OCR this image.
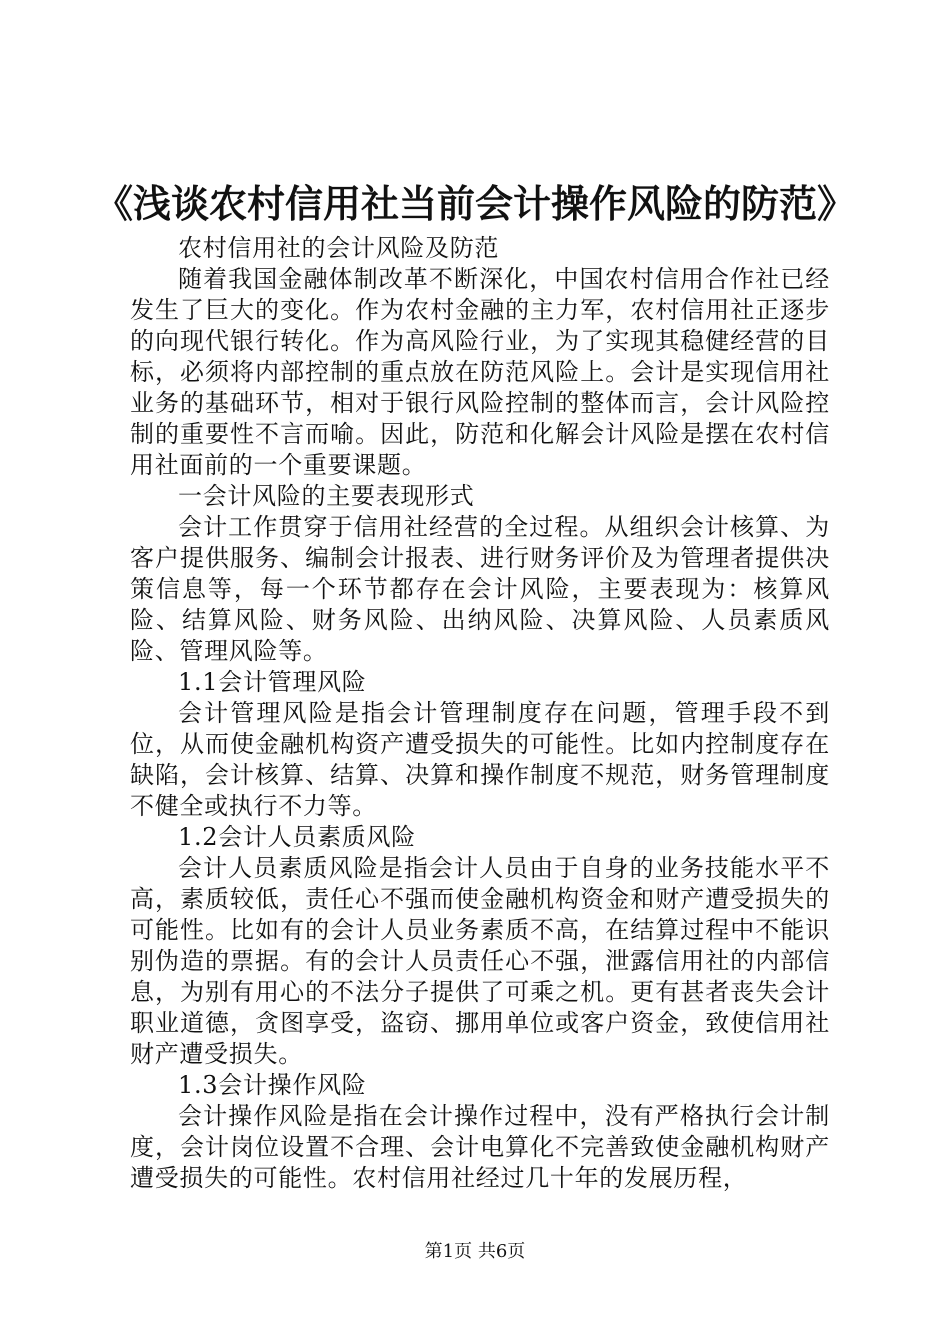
《浅谈农村信用社当前会计操作风险的防范》

农村信用社的会计风险及防范

随着我国金融体制改革不断深化，中国农村信用合作社已经发生了巨大的变化。作为农村金融的主力军，农村信用社正逐步的向现代银行转化。作为高风险行业，为了实现其稳健经营的目标，必须将内部控制的重点放在防范风险上。会计是实现信用社业务的基础环节，相对于银行风险控制的整体而言，会计风险控制的重要性不言而喻。因此，防范和化解会计风险是摆在农村信用社面前的一个重要课题。

一会计风险的主要表现形式

会计工作贯穿于信用社经营的全过程。从组织会计核算、为客户提供服务、编制会计报表、进行财务评价及为管理者提供决策信息等，每一个环节都存在会计风险，主要表现为：核算风险、结算风险、财务风险、出纳风险、决算风险、人员素质风险、管理风险等。

1.1会计管理风险

会计管理风险是指会计管理制度存在问题，管理手段不到位，从而使金融机构资产遭受损失的可能性。比如内控制度存在缺陷，会计核算、结算、决算和操作制度不规范，财务管理制度不健全或执行不力等。

1.2会计人员素质风险

会计人员素质风险是指会计人员由于自身的业务技能水平不高，素质较低，责任心不强而使金融机构资金和财产遭受损失的可能性。比如有的会计人员业务素质不高，在结算过程中不能识别伪造的票据。有的会计人员责任心不强，泄露信用社的内部信息，为别有用心的不法分子提供了可乘之机。更有甚者丧失会计职业道德，贪图享受，盗窃、挪用单位或客户资金，致使信用社财产遭受损失。

1.3会计操作风险

会计操作风险是指在会计操作过程中，没有严格执行会计制度，会计岗位设置不合理、会计电算化不完善致使金融机构财产遭受损失的可能性。农村信用社经过几十年的发展历程，

第1页 共6页
